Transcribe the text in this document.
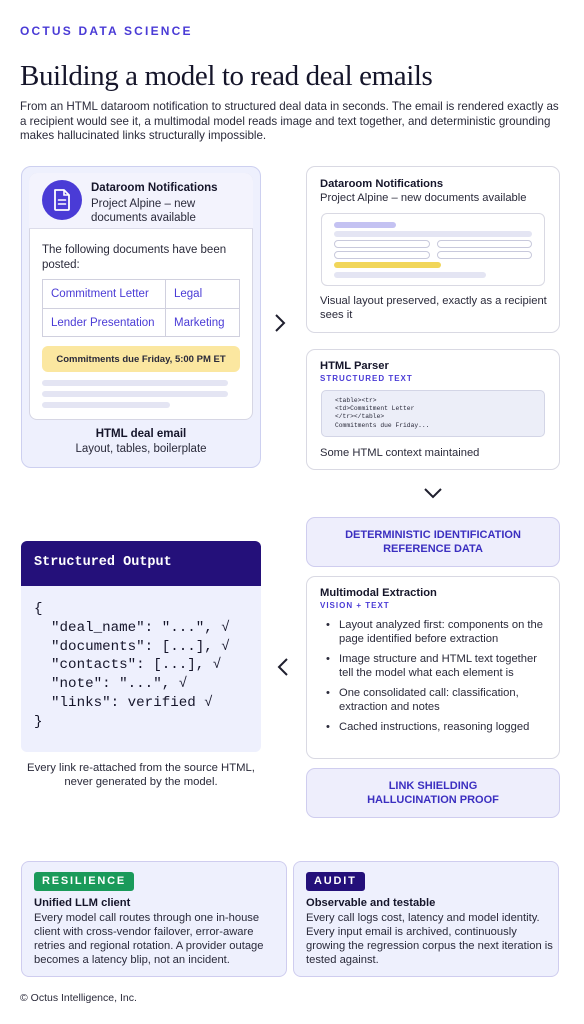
OCTUS DATA SCIENCE
Building a model to read deal emails
From an HTML dataroom notification to structured deal data in seconds. The email is rendered exactly as a recipient would see it, a multimodal model reads image and text together, and deterministic grounding makes hallucinated links structurally impossible.
Dataroom Notifications
Project Alpine – new documents available
The following documents have been posted:
Commitment Letter Legal
Lender Presentation Marketing
Commitments due Friday, 5:00 PM ET
HTML deal email
Layout, tables, boilerplate
Dataroom Notifications
Project Alpine – new documents available
Visual layout preserved, exactly as a recipient sees it
HTML Parser
STRUCTURED TEXT
<table><tr>
<td>Commitment Letter
</tr></table>
Commitments due Friday...
Some HTML context maintained
DETERMINISTIC IDENTIFICATION
REFERENCE DATA
Multimodal Extraction
VISION + TEXT
• Layout analyzed first: components on the page identified before extraction
• Image structure and HTML text together tell the model what each element is
• One consolidated call: classification, extraction and notes
• Cached instructions, reasoning logged
LINK SHIELDING
HALLUCINATION PROOF
Structured Output
{
"deal_name": "...", √
"documents": [...], √
"contacts": [...], √
"note": "...", √
"links": verified √
}
Every link re-attached from the source HTML, never generated by the model.
RESILIENCE
Unified LLM client
Every model call routes through one in-house client with cross-vendor failover, error-aware retries and regional rotation. A provider outage becomes a latency blip, not an incident.
AUDIT
Observable and testable
Every call logs cost, latency and model identity. Every input email is archived, continuously growing the regression corpus the next iteration is tested against.
© Octus Intelligence, Inc.
